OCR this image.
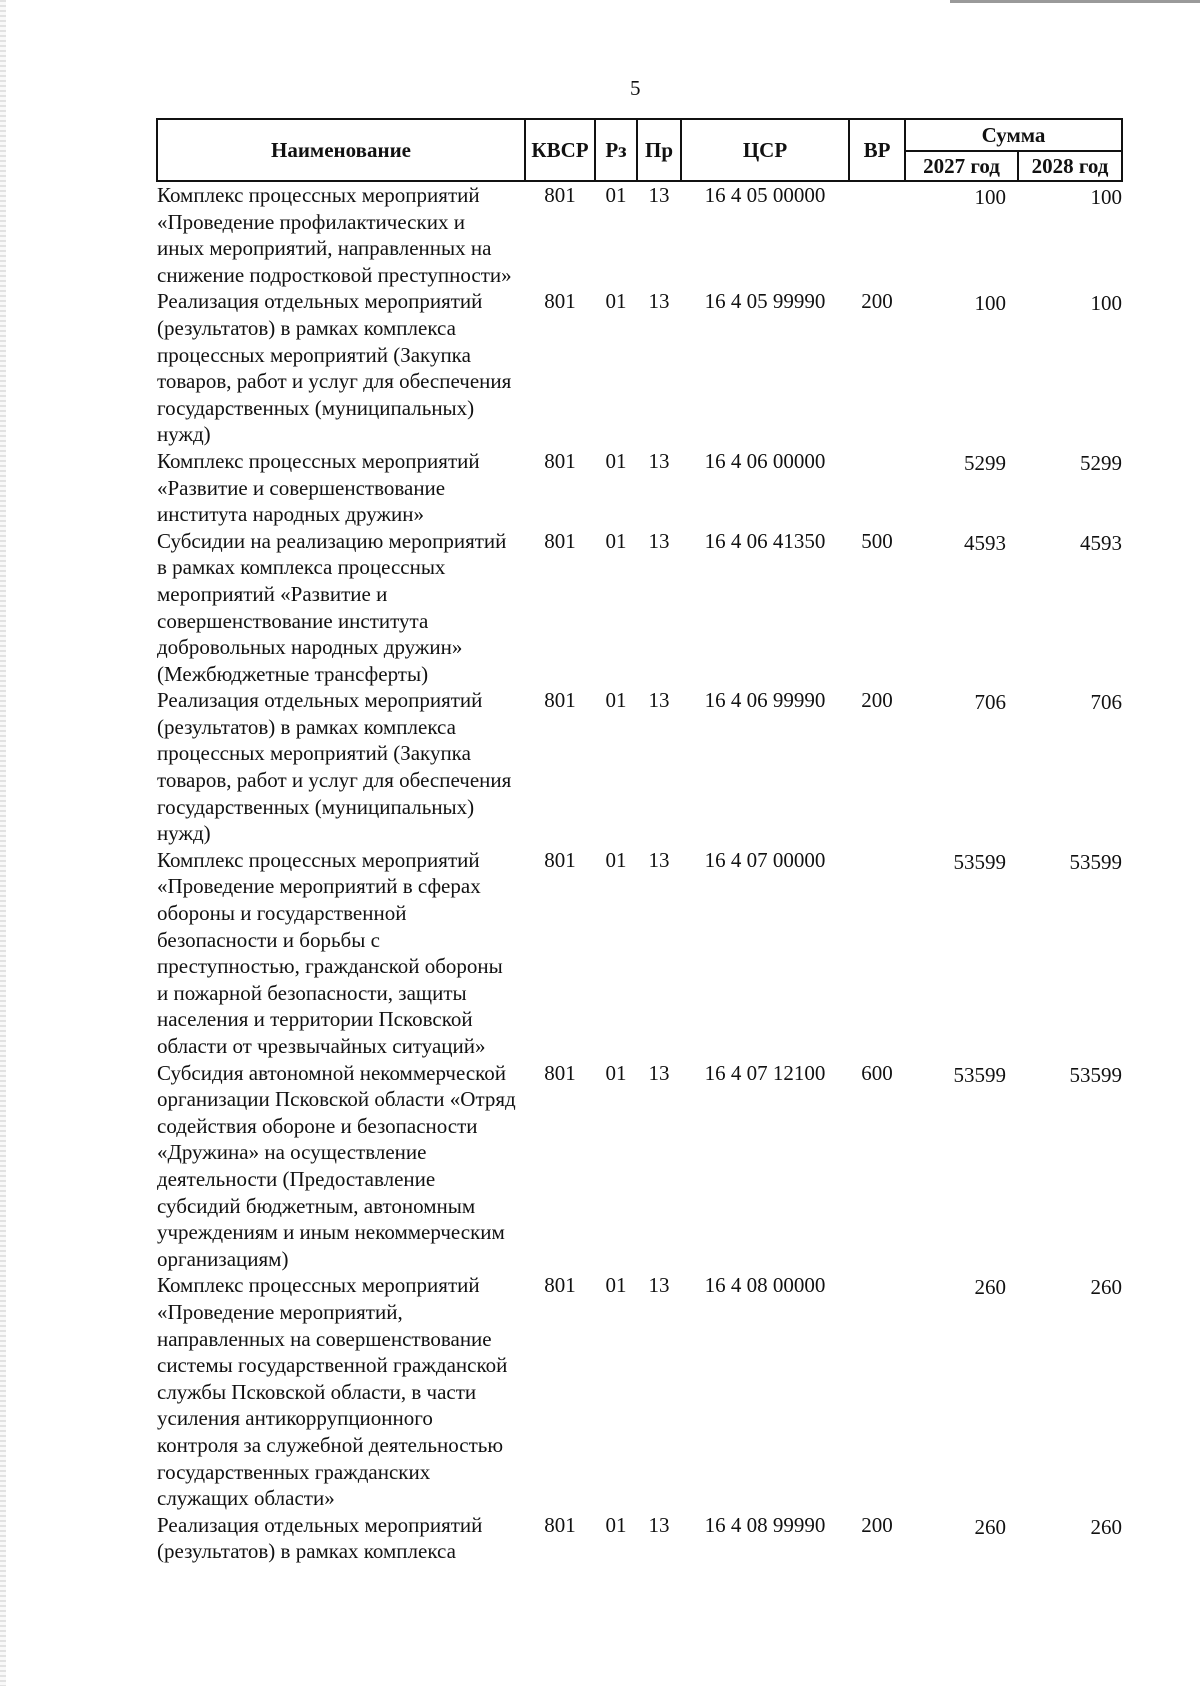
5
Наименование	КВСР	Рз	Пр	ЦСР	ВР	Сумма	
						2027 год	2028 год
Комплекс процессных мероприятий «Проведение профилактических и иных мероприятий, направленных на снижение подростковой преступности»	801	01	13	16 4 05 00000		100	100
Реализация отдельных мероприятий (результатов) в рамках комплекса процессных мероприятий (Закупка товаров, работ и услуг для обеспечения государственных (муниципальных) нужд)	801	01	13	16 4 05 99990	200	100	100
Комплекс процессных мероприятий «Развитие и совершенствование института народных дружин»	801	01	13	16 4 06 00000		5299	5299
Субсидии на реализацию мероприятий в рамках комплекса процессных мероприятий «Развитие и совершенствование института добровольных народных дружин» (Межбюджетные трансферты)	801	01	13	16 4 06 41350	500	4593	4593
Реализация отдельных мероприятий (результатов) в рамках комплекса процессных мероприятий (Закупка товаров, работ и услуг для обеспечения государственных (муниципальных) нужд)	801	01	13	16 4 06 99990	200	706	706
Комплекс процессных мероприятий «Проведение мероприятий в сферах обороны и государственной безопасности и борьбы с преступностью, гражданской обороны и пожарной безопасности, защиты населения и территории Псковской области от чрезвычайных ситуаций»	801	01	13	16 4 07 00000		53599	53599
Субсидия автономной некоммерческой организации Псковской области «Отряд содействия обороне и безопасности «Дружина» на осуществление деятельности (Предоставление субсидий бюджетным, автономным учреждениям и иным некоммерческим организациям)	801	01	13	16 4 07 12100	600	53599	53599
Комплекс процессных мероприятий «Проведение мероприятий, направленных на совершенствование системы государственной гражданской службы Псковской области, в части усиления антикоррупционного контроля за служебной деятельностью государственных гражданских служащих области»	801	01	13	16 4 08 00000		260	260
Реализация отдельных мероприятий (результатов) в рамках комплекса	801	01	13	16 4 08 99990	200	260	260
